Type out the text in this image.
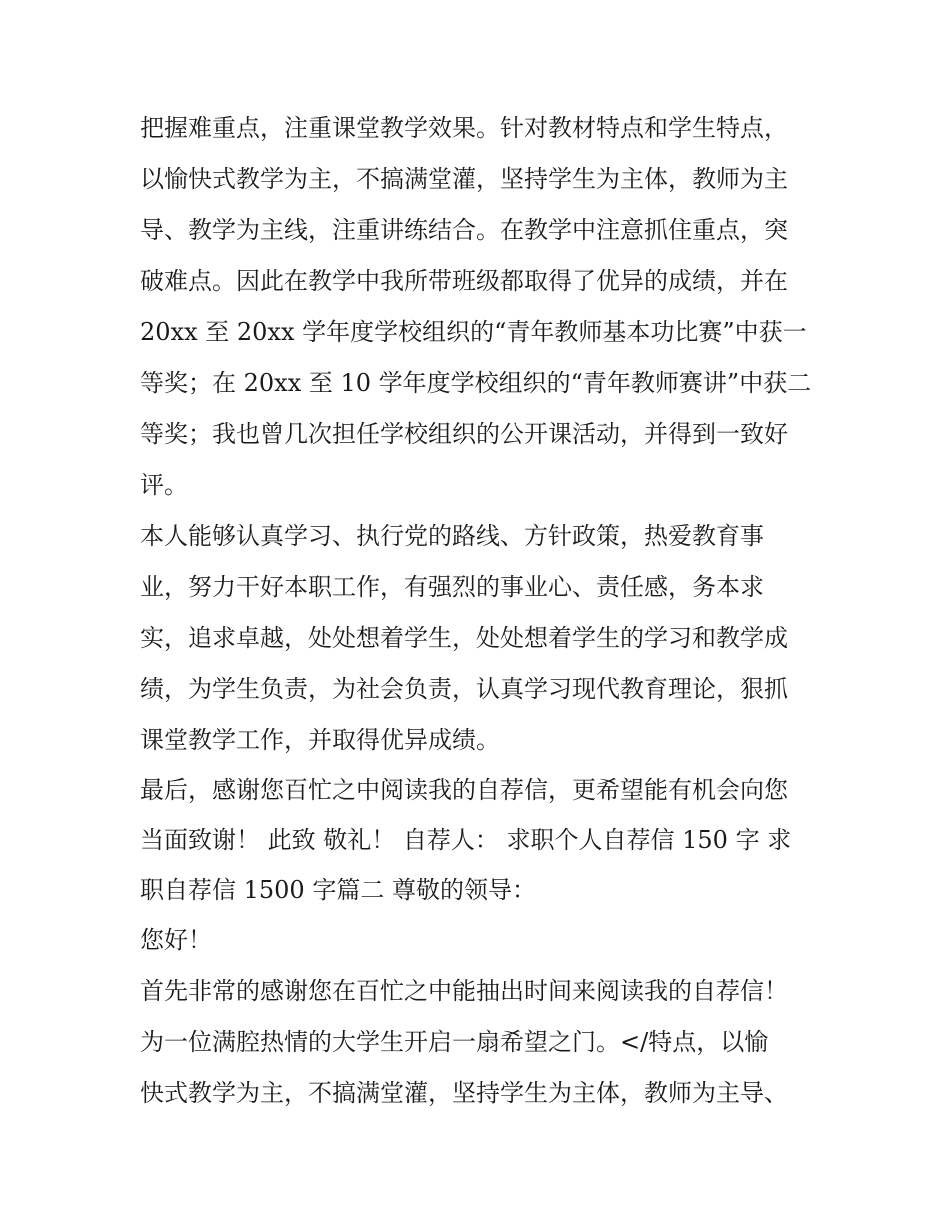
把握难重点，注重课堂教学效果。针对教材特点和学生特点，
以愉快式教学为主，不搞满堂灌，坚持学生为主体，教师为主
导、教学为主线，注重讲练结合。在教学中注意抓住重点，突
破难点。因此在教学中我所带班级都取得了优异的成绩，并在
20xx 至 20xx 学年度学校组织的“青年教师基本功比赛”中获一
等奖；在 20xx 至 10 学年度学校组织的“青年教师赛讲”中获二
等奖；我也曾几次担任学校组织的公开课活动，并得到一致好
评。
本人能够认真学习、执行党的路线、方针政策，热爱教育事
业，努力干好本职工作，有强烈的事业心、责任感，务本求
实，追求卓越，处处想着学生，处处想着学生的学习和教学成
绩，为学生负责，为社会负责，认真学习现代教育理论，狠抓
课堂教学工作，并取得优异成绩。
最后，感谢您百忙之中阅读我的自荐信，更希望能有机会向您
当面致谢！ 此致 敬礼！ 自荐人： 求职个人自荐信 150 字 求
职自荐信 1500 字篇二 尊敬的领导：
您好！
首先非常的感谢您在百忙之中能抽出时间来阅读我的自荐信！
为一位满腔热情的大学生开启一扇希望之门。</特点，以愉
快式教学为主，不搞满堂灌，坚持学生为主体，教师为主导、
